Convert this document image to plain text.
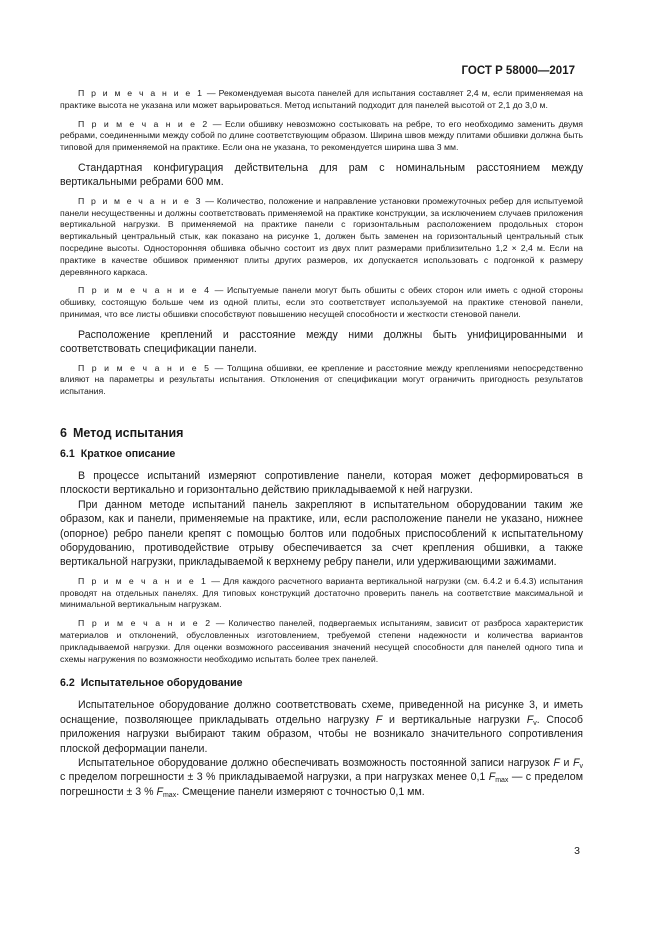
ГОСТ Р 58000—2017

П р и м е ч а н и е 1 — Рекомендуемая высота панелей для испытания составляет 2,4 м, если применяемая на практике высота не указана или может варьироваться. Метод испытаний подходит для панелей высотой от 2,1 до 3,0 м.

П р и м е ч а н и е 2 — Если обшивку невозможно состыковать на ребре, то его необходимо заменить двумя ребрами, соединенными между собой по длине соответствующим образом. Ширина швов между плитами обшивки должна быть типовой для применяемой на практике. Если она не указана, то рекомендуется ширина шва 3 мм.

Стандартная конфигурация действительна для рам с номинальным расстоянием между вертикальными ребрами 600 мм.

П р и м е ч а н и е 3 — Количество, положение и направление установки промежуточных ребер для испытуемой панели несущественны и должны соответствовать применяемой на практике конструкции, за исключением случаев приложения вертикальной нагрузки. В применяемой на практике панели с горизонтальным расположением продольных сторон вертикальный центральный стык, как показано на рисунке 1, должен быть заменен на горизонтальный центральный стык посредине высоты. Односторонняя обшивка обычно состоит из двух плит размерами приблизительно 1,2 × 2,4 м. Если на практике в качестве обшивок применяют плиты других размеров, их допускается использовать с подгонкой к размеру деревянного каркаса.

П р и м е ч а н и е 4 — Испытуемые панели могут быть обшиты с обеих сторон или иметь с одной стороны обшивку, состоящую больше чем из одной плиты, если это соответствует используемой на практике стеновой панели, принимая, что все листы обшивки способствуют повышению несущей способности и жесткости стеновой панели.

Расположение креплений и расстояние между ними должны быть унифицированными и соответствовать спецификации панели.

П р и м е ч а н и е 5 — Толщина обшивки, ее крепление и расстояние между креплениями непосредственно влияют на параметры и результаты испытания. Отклонения от спецификации могут ограничить пригодность результатов испытания.

6 Метод испытания
6.1 Краткое описание

В процессе испытаний измеряют сопротивление панели, которая может деформироваться в плоскости вертикально и горизонтально действию прикладываемой к ней нагрузки.

При данном методе испытаний панель закрепляют в испытательном оборудовании таким же образом, как и панели, применяемые на практике, или, если расположение панели не указано, нижнее (опорное) ребро панели крепят с помощью болтов или подобных приспособлений к испытательному оборудованию, противодействие отрыву обеспечивается за счет крепления обшивки, а также вертикальной нагрузки, прикладываемой к верхнему ребру панели, или удерживающими зажимами.

П р и м е ч а н и е 1 — Для каждого расчетного варианта вертикальной нагрузки (см. 6.4.2 и 6.4.3) испытания проводят на отдельных панелях. Для типовых конструкций достаточно проверить панель на соответствие максимальной и минимальной вертикальным нагрузкам.

П р и м е ч а н и е 2 — Количество панелей, подвергаемых испытаниям, зависит от разброса характеристик материалов и отклонений, обусловленных изготовлением, требуемой степени надежности и количества вариантов прикладываемой нагрузки. Для оценки возможного рассеивания значений несущей способности для панелей одного типа и схемы нагружения по возможности необходимо испытать более трех панелей.

6.2 Испытательное оборудование

Испытательное оборудование должно соответствовать схеме, приведенной на рисунке 3, и иметь оснащение, позволяющее прикладывать отдельно нагрузку F и вертикальные нагрузки $F_v$. Способ приложения нагрузки выбирают таким образом, чтобы не возникало значительного сопротивления плоской деформации панели.

Испытательное оборудование должно обеспечивать возможность постоянной записи нагрузок F и $F_v$ с пределом погрешности ± 3 % прикладываемой нагрузки, а при нагрузках менее 0,1 $F_{max}$ — с пределом погрешности ± 3 % $F_{max}$. Смещение панели измеряют с точностью 0,1 мм.

3
